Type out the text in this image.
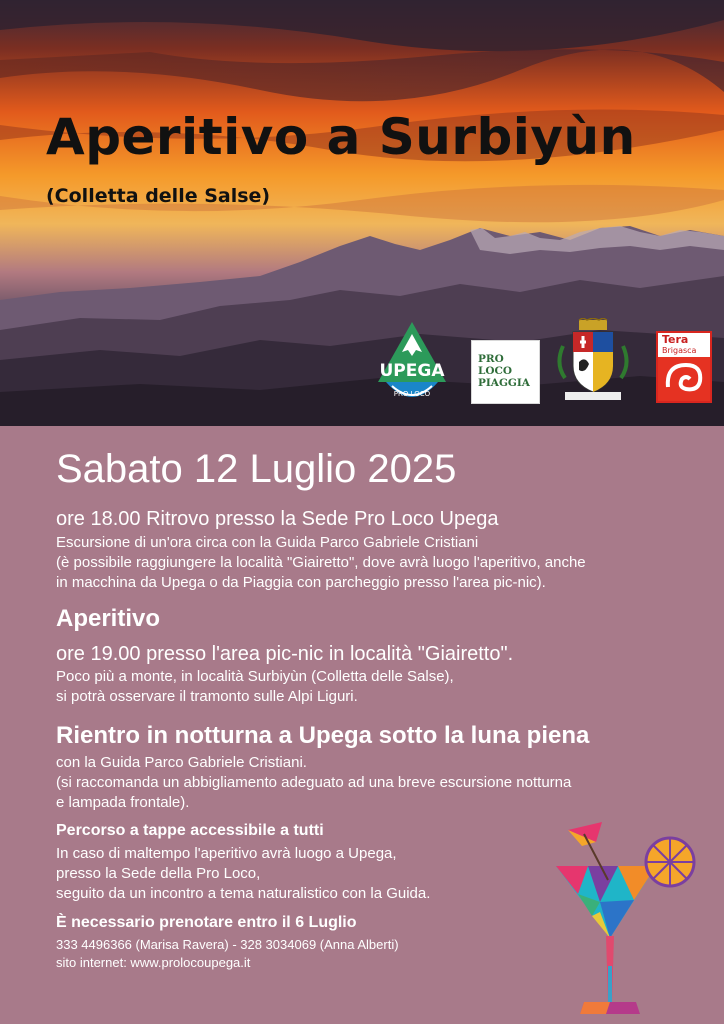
Aperitivo a Surbiyùn

(Colletta delle Salse)

UPEGA
PRO LOCO
PRO
LOCO
PIAGGIA
Tera
Brigasca
Sabato 12 Luglio 2025
ore 18.00 Ritrovo presso la Sede Pro Loco Upega
Escursione di un'ora circa con la Guida Parco Gabriele Cristiani
(è possibile raggiungere la località "Giairetto", dove avrà luogo l'aperitivo, anche
in macchina da Upega o da Piaggia con parcheggio presso l'area pic-nic).
Aperitivo
ore 19.00 presso l'area pic-nic in località "Giairetto".
Poco più a monte, in località Surbiyùn (Colletta delle Salse),
si potrà osservare il tramonto sulle Alpi Liguri.
Rientro in notturna a Upega sotto la luna piena
con la Guida Parco Gabriele Cristiani.
(si raccomanda un abbigliamento adeguato ad una breve escursione notturna
e lampada frontale).
Percorso a tappe accessibile a tutti
In caso di maltempo l'aperitivo avrà luogo a Upega,
presso la Sede della Pro Loco,
seguito da un incontro a tema naturalistico con la Guida.
È necessario prenotare entro il 6 Luglio
333 4496366 (Marisa Ravera) - 328 3034069 (Anna Alberti)
sito internet: www.prolocoupega.it
